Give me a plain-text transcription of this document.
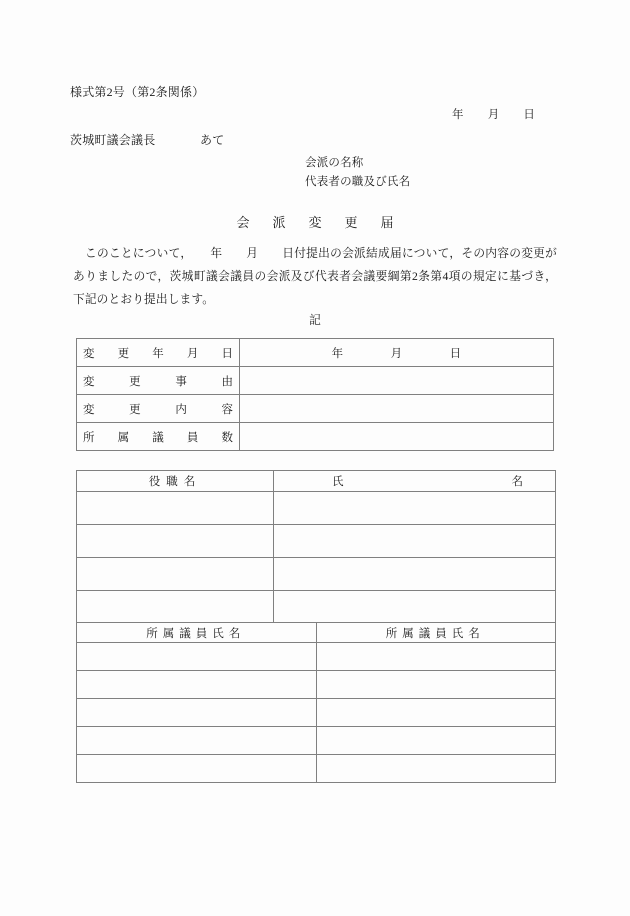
様式第2号（第2条関係）
年　　月　　日
茨城町議会議長	あて
会派の名称
代表者の職及び氏名
会　派　変　更　届
このことについて，　　年　　月　　日付提出の会派結成届について，その内容の変更がありましたので，茨城町議会議員の会派及び代表者会議要綱第2条第4項の規定に基づき，下記のとおり提出します。
記
変更年月日	年　　　　月　　　　日
変更事由	
変更内容	
所属議員数	
役職名	氏 名

所属議員氏名	所属議員氏名
